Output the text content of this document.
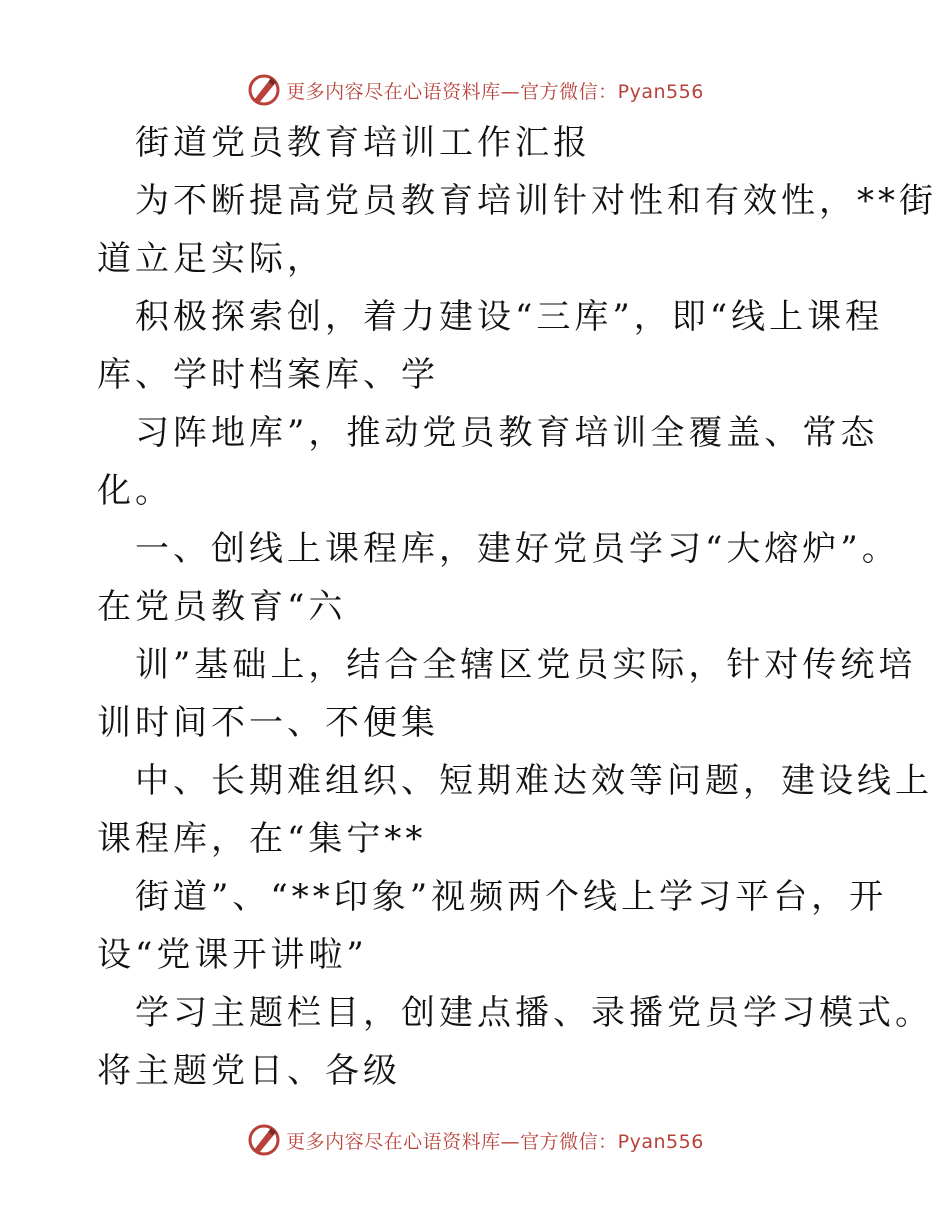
更多内容尽在心语资料库—官方微信：Pyan556
街道党员教育培训工作汇报
为不断提高党员教育培训针对性和有效性，**街
道立足实际，
积极探索创，着力建设“三库”，即“线上课程
库、学时档案库、学
习阵地库”，推动党员教育培训全覆盖、常态
化。
一、创线上课程库，建好党员学习“大熔炉”。
在党员教育“六
训”基础上，结合全辖区党员实际，针对传统培
训时间不一、不便集
中、长期难组织、短期难达效等问题，建设线上
课程库，在“集宁**
街道”、“**印象”视频两个线上学习平台，开
设“党课开讲啦”
学习主题栏目，创建点播、录播党员学习模式。
将主题党日、各级
更多内容尽在心语资料库—官方微信：Pyan556
